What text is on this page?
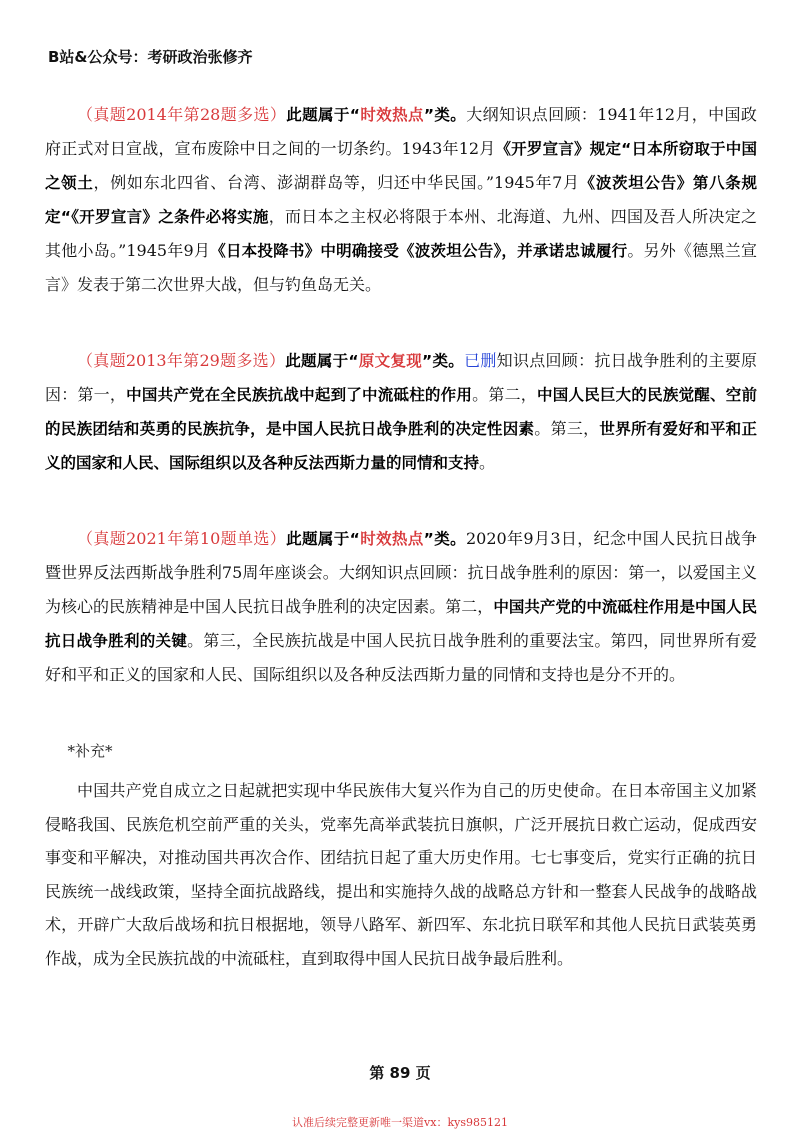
B站&公众号：考研政治张修齐

（真题2014年第28题多选）此题属于“时效热点”类。大纲知识点回顾：1941年12月，中国政府正式对日宣战，宣布废除中日之间的一切条约。1943年12月《开罗宣言》规定“日本所窃取于中国之领土，例如东北四省、台湾、澎湖群岛等，归还中华民国。”1945年7月《波茨坦公告》第八条规定“《开罗宣言》之条件必将实施，而日本之主权必将限于本州、北海道、九州、四国及吾人所决定之其他小岛。”1945年9月《日本投降书》中明确接受《波茨坦公告》，并承诺忠诚履行。另外《德黑兰宣言》发表于第二次世界大战，但与钓鱼岛无关。

（真题2013年第29题多选）此题属于“原文复现”类。已删知识点回顾：抗日战争胜利的主要原因：第一，中国共产党在全民族抗战中起到了中流砥柱的作用。第二，中国人民巨大的民族觉醒、空前的民族团结和英勇的民族抗争，是中国人民抗日战争胜利的决定性因素。第三，世界所有爱好和平和正义的国家和人民、国际组织以及各种反法西斯力量的同情和支持。

（真题2021年第10题单选）此题属于“时效热点”类。2020年9月3日，纪念中国人民抗日战争暨世界反法西斯战争胜利75周年座谈会。大纲知识点回顾：抗日战争胜利的原因：第一，以爱国主义为核心的民族精神是中国人民抗日战争胜利的决定因素。第二，中国共产党的中流砥柱作用是中国人民抗日战争胜利的关键。第三，全民族抗战是中国人民抗日战争胜利的重要法宝。第四，同世界所有爱好和平和正义的国家和人民、国际组织以及各种反法西斯力量的同情和支持也是分不开的。

*补充*

中国共产党自成立之日起就把实现中华民族伟大复兴作为自己的历史使命。在日本帝国主义加紧侵略我国、民族危机空前严重的关头，党率先高举武装抗日旗帜，广泛开展抗日救亡运动，促成西安事变和平解决，对推动国共再次合作、团结抗日起了重大历史作用。七七事变后，党实行正确的抗日民族统一战线政策，坚持全面抗战路线，提出和实施持久战的战略总方针和一整套人民战争的战略战术，开辟广大敌后战场和抗日根据地，领导八路军、新四军、东北抗日联军和其他人民抗日武装英勇作战，成为全民族抗战的中流砥柱，直到取得中国人民抗日战争最后胜利。

第 89 页
认准后续完整更新唯一渠道vx：kys985121
